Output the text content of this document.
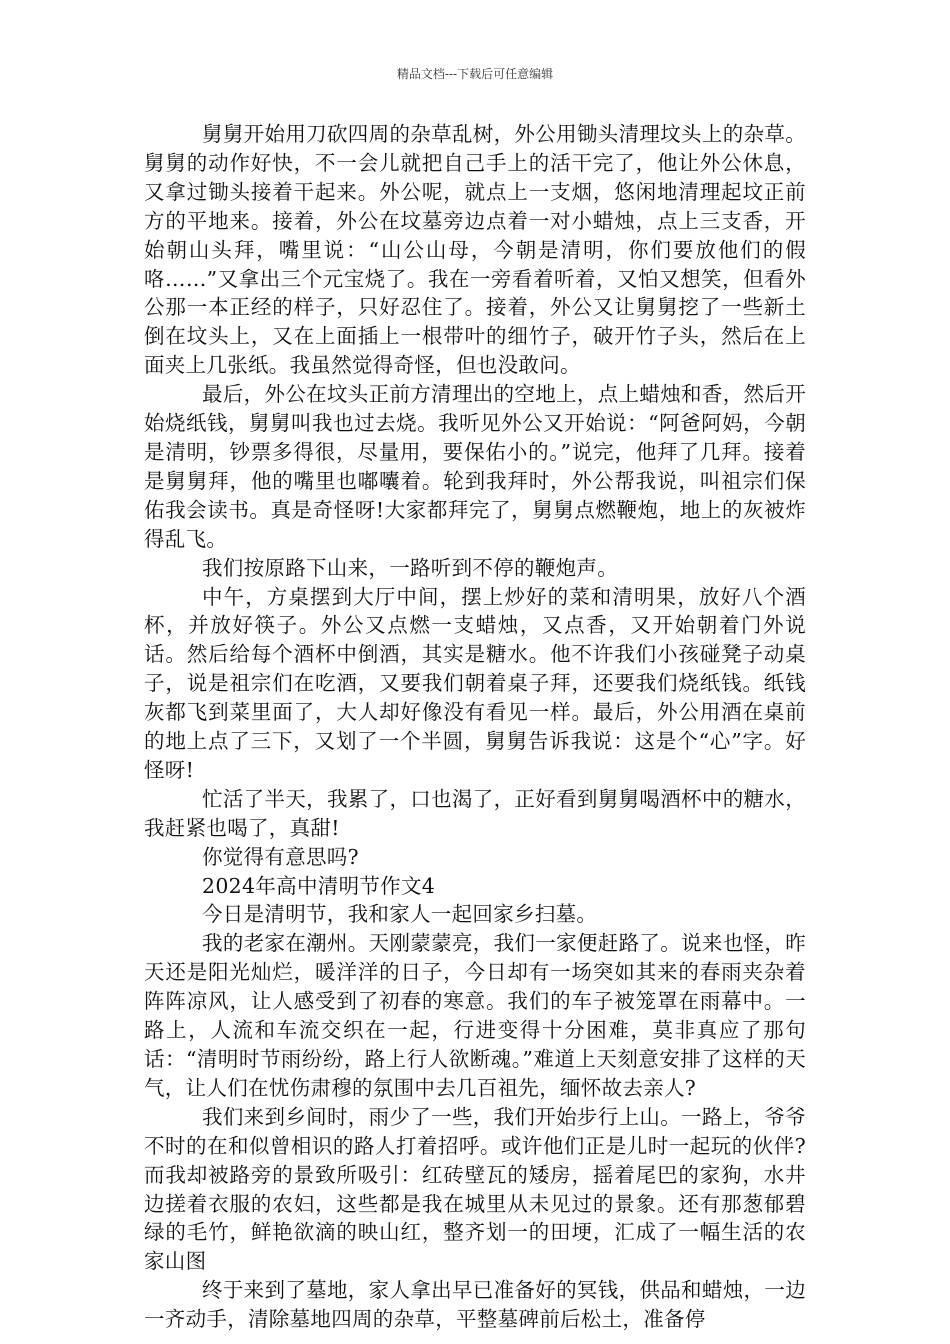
精品文档---下载后可任意编辑

舅舅开始用刀砍四周的杂草乱树，外公用锄头清理坟头上的杂草。舅舅的动作好快，不一会儿就把自己手上的活干完了，他让外公休息，又拿过锄头接着干起来。外公呢，就点上一支烟，悠闲地清理起坟正前方的平地来。接着，外公在坟墓旁边点着一对小蜡烛，点上三支香，开始朝山头拜，嘴里说：“山公山母，今朝是清明，你们要放他们的假咯……”又拿出三个元宝烧了。我在一旁看着听着，又怕又想笑，但看外公那一本正经的样子，只好忍住了。接着，外公又让舅舅挖了一些新土倒在坟头上，又在上面插上一根带叶的细竹子，破开竹子头，然后在上面夹上几张纸。我虽然觉得奇怪，但也没敢问。

最后，外公在坟头正前方清理出的空地上，点上蜡烛和香，然后开始烧纸钱，舅舅叫我也过去烧。我听见外公又开始说：“阿爸阿妈，今朝是清明，钞票多得很，尽量用，要保佑小的。”说完，他拜了几拜。接着是舅舅拜，他的嘴里也嘟囔着。轮到我拜时，外公帮我说，叫祖宗们保佑我会读书。真是奇怪呀!大家都拜完了，舅舅点燃鞭炮，地上的灰被炸得乱飞。

我们按原路下山来，一路听到不停的鞭炮声。

中午，方桌摆到大厅中间，摆上炒好的菜和清明果，放好八个酒杯，并放好筷子。外公又点燃一支蜡烛，又点香，又开始朝着门外说话。然后给每个酒杯中倒酒，其实是糖水。他不许我们小孩碰凳子动桌子，说是祖宗们在吃酒，又要我们朝着桌子拜，还要我们烧纸钱。纸钱灰都飞到菜里面了，大人却好像没有看见一样。最后，外公用酒在桌前的地上点了三下，又划了一个半圆，舅舅告诉我说：这是个“心”字。好怪呀!

忙活了半天，我累了，口也渴了，正好看到舅舅喝酒杯中的糖水，我赶紧也喝了，真甜!

你觉得有意思吗?

2024年高中清明节作文4

今日是清明节，我和家人一起回家乡扫墓。

我的老家在潮州。天刚蒙蒙亮，我们一家便赶路了。说来也怪，昨天还是阳光灿烂，暖洋洋的日子，今日却有一场突如其来的春雨夹杂着阵阵凉风，让人感受到了初春的寒意。我们的车子被笼罩在雨幕中。一路上，人流和车流交织在一起，行进变得十分困难，莫非真应了那句话：“清明时节雨纷纷，路上行人欲断魂。”难道上天刻意安排了这样的天气，让人们在忧伤肃穆的氛围中去几百祖先，缅怀故去亲人?

我们来到乡间时，雨少了一些，我们开始步行上山。一路上，爷爷不时的在和似曾相识的路人打着招呼。或许他们正是儿时一起玩的伙伴?而我却被路旁的景致所吸引：红砖壁瓦的矮房，摇着尾巴的家狗，水井边搓着衣服的农妇，这些都是我在城里从未见过的景象。还有那葱郁碧绿的毛竹，鲜艳欲滴的映山红，整齐划一的田埂，汇成了一幅生活的农家山图

终于来到了墓地，家人拿出早已准备好的冥钱，供品和蜡烛，一边一齐动手，清除墓地四周的杂草，平整墓碑前后松土，准备停
